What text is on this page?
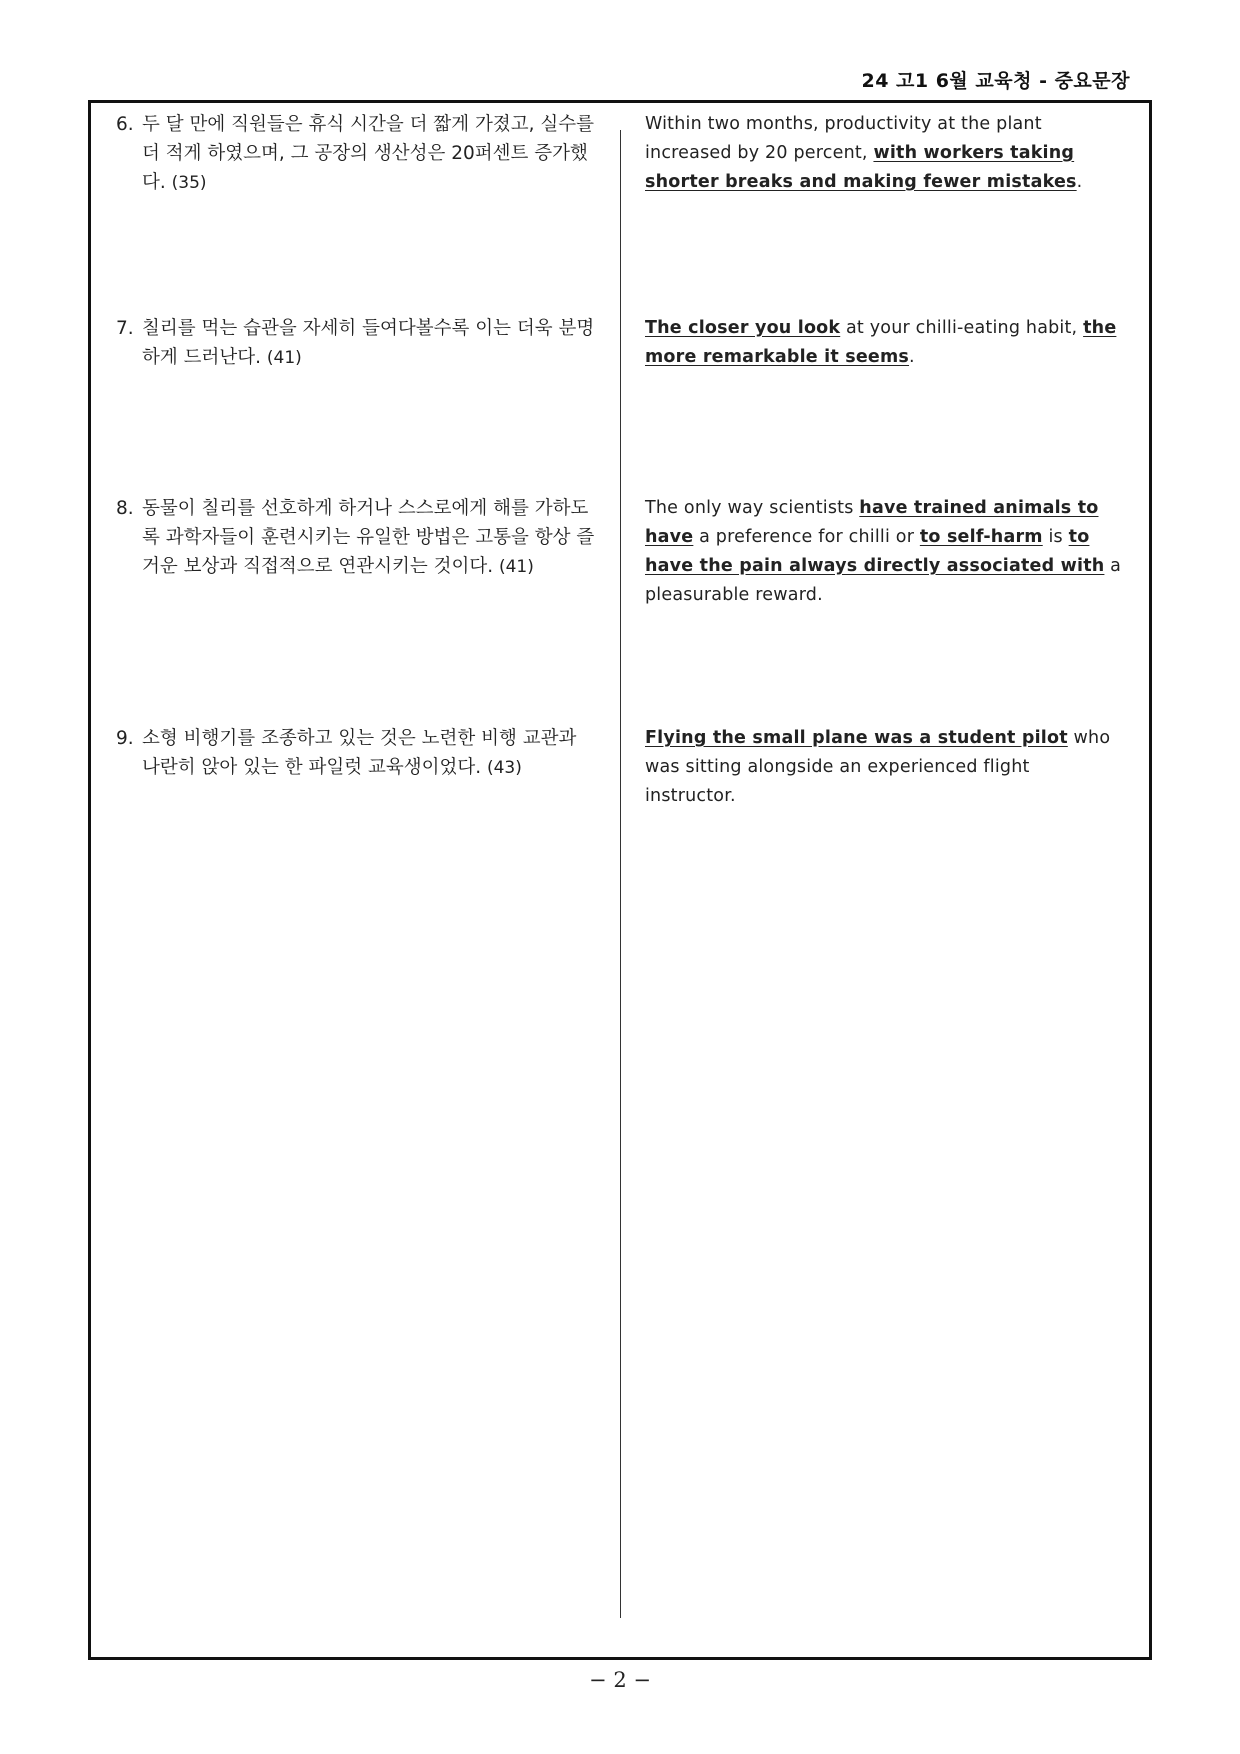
24 고1 6월 교육청 - 중요문장
6. 두 달 만에 직원들은 휴식 시간을 더 짧게 가졌고, 실수를 더 적게 하였으며, 그 공장의 생산성은 20퍼센트 증가했다. (35)
Within two months, productivity at the plant increased by 20 percent, with workers taking shorter breaks and making fewer mistakes.
7. 칠리를 먹는 습관을 자세히 들여다볼수록 이는 더욱 분명하게 드러난다. (41)
The closer you look at your chilli-eating habit, the more remarkable it seems.
8. 동물이 칠리를 선호하게 하거나 스스로에게 해를 가하도록 과학자들이 훈련시키는 유일한 방법은 고통을 항상 즐거운 보상과 직접적으로 연관시키는 것이다. (41)
The only way scientists have trained animals to have a preference for chilli or to self-harm is to have the pain always directly associated with a pleasurable reward.
9. 소형 비행기를 조종하고 있는 것은 노련한 비행 교관과 나란히 앉아 있는 한 파일럿 교육생이었다. (43)
Flying the small plane was a student pilot who was sitting alongside an experienced flight instructor.
− 2 −
